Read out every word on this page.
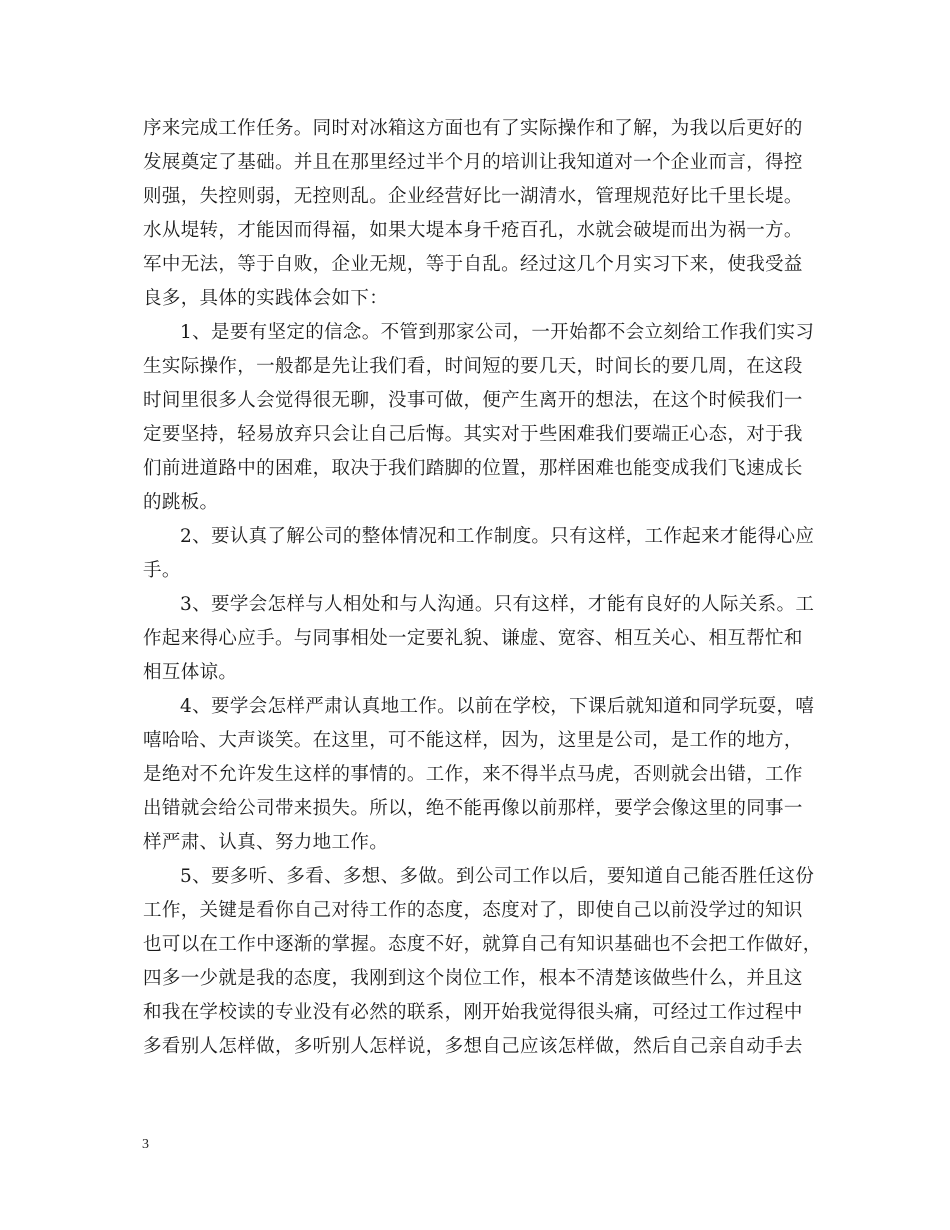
序来完成工作任务。同时对冰箱这方面也有了实际操作和了解，为我以后更好的
发展奠定了基础。并且在那里经过半个月的培训让我知道对一个企业而言，得控
则强，失控则弱，无控则乱。企业经营好比一湖清水，管理规范好比千里长堤。
水从堤转，才能因而得福，如果大堤本身千疮百孔，水就会破堤而出为祸一方。
军中无法，等于自败，企业无规，等于自乱。经过这几个月实习下来，使我受益
良多，具体的实践体会如下：
1、是要有坚定的信念。不管到那家公司，一开始都不会立刻给工作我们实习
生实际操作，一般都是先让我们看，时间短的要几天，时间长的要几周，在这段
时间里很多人会觉得很无聊，没事可做，便产生离开的想法，在这个时候我们一
定要坚持，轻易放弃只会让自己后悔。其实对于些困难我们要端正心态，对于我
们前进道路中的困难，取决于我们踏脚的位置，那样困难也能变成我们飞速成长
的跳板。
2、要认真了解公司的整体情况和工作制度。只有这样，工作起来才能得心应
手。
3、要学会怎样与人相处和与人沟通。只有这样，才能有良好的人际关系。工
作起来得心应手。与同事相处一定要礼貌、谦虚、宽容、相互关心、相互帮忙和
相互体谅。
4、要学会怎样严肃认真地工作。以前在学校，下课后就知道和同学玩耍，嘻
嘻哈哈、大声谈笑。在这里，可不能这样，因为，这里是公司，是工作的地方，
是绝对不允许发生这样的事情的。工作，来不得半点马虎，否则就会出错，工作
出错就会给公司带来损失。所以，绝不能再像以前那样，要学会像这里的同事一
样严肃、认真、努力地工作。
5、要多听、多看、多想、多做。到公司工作以后，要知道自己能否胜任这份
工作，关键是看你自己对待工作的态度，态度对了，即使自己以前没学过的知识
也可以在工作中逐渐的掌握。态度不好，就算自己有知识基础也不会把工作做好，
四多一少就是我的态度，我刚到这个岗位工作，根本不清楚该做些什么，并且这
和我在学校读的专业没有必然的联系，刚开始我觉得很头痛，可经过工作过程中
多看别人怎样做，多听别人怎样说，多想自己应该怎样做，然后自己亲自动手去
3
